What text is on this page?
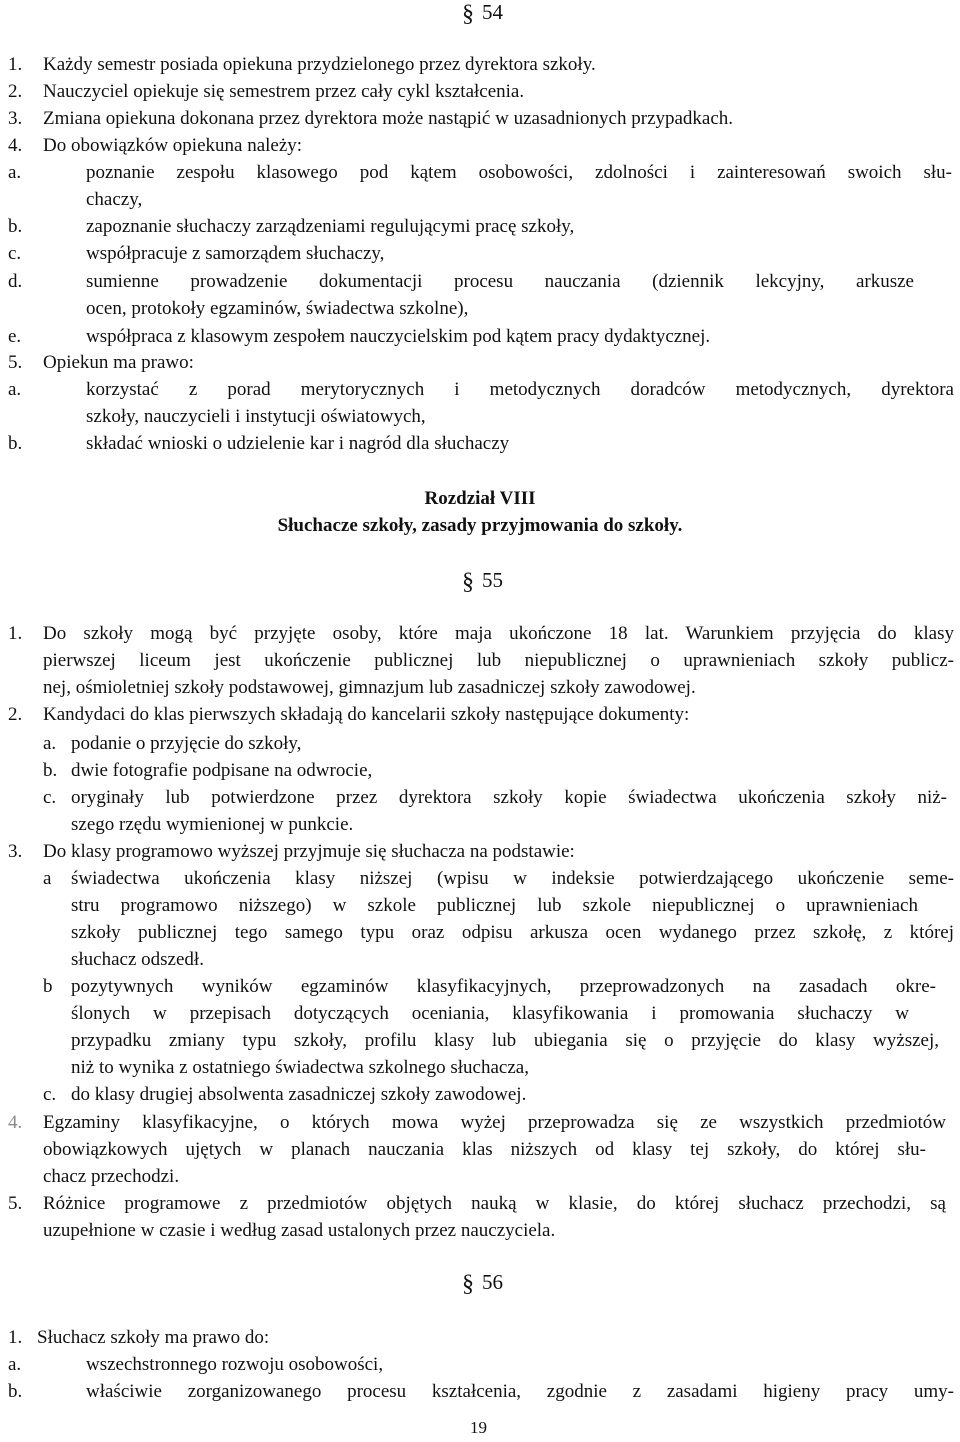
§ 54
1. Każdy semestr posiada opiekuna przydzielonego przez dyrektora szkoły.
2. Nauczyciel opiekuje się semestrem przez cały cykl kształcenia.
3. Zmiana opiekuna dokonana przez dyrektora może nastąpić w uzasadnionych przypadkach.
4. Do obowiązków opiekuna należy:
a.	poznanie zespołu klasowego pod kątem osobowości, zdolności i zainteresowań swoich słu-
chaczy,
b.	zapoznanie słuchaczy zarządzeniami regulującymi pracę szkoły,
c.	współpracuje z samorządem słuchaczy,
d.	sumienne prowadzenie dokumentacji procesu nauczania (dziennik lekcyjny, arkusze
ocen, protokoły egzaminów, świadectwa szkolne),
e.	współpraca z klasowym zespołem nauczycielskim pod kątem pracy dydaktycznej.
5. Opiekun ma prawo:
a.	korzystać z porad merytorycznych i metodycznych doradców metodycznych, dyrektora
szkoły, nauczycieli i instytucji oświatowych,
b.	składać wnioski o udzielenie kar i nagród dla słuchaczy
Rozdział VIII
Słuchacze szkoły, zasady przyjmowania do szkoły.
§ 55
1. Do szkoły mogą być przyjęte osoby, które maja ukończone 18 lat. Warunkiem przyjęcia do klasy
pierwszej liceum jest ukończenie publicznej lub niepublicznej o uprawnieniach szkoły publicz-
nej, ośmioletniej szkoły podstawowej, gimnazjum lub zasadniczej szkoły zawodowej.
2. Kandydaci do klas pierwszych składają do kancelarii szkoły następujące dokumenty:
a. podanie o przyjęcie do szkoły,
b. dwie fotografie podpisane na odwrocie,
c. oryginały lub potwierdzone przez dyrektora szkoły kopie świadectwa ukończenia szkoły niż-
szego rzędu wymienionej w punkcie.
3. Do klasy programowo wyższej przyjmuje się słuchacza na podstawie:
a świadectwa ukończenia klasy niższej (wpisu w indeksie potwierdzającego ukończenie seme-
stru programowo niższego) w szkole publicznej lub szkole niepublicznej o uprawnieniach
szkoły publicznej tego samego typu oraz odpisu arkusza ocen wydanego przez szkołę, z której
słuchacz odszedł.
b pozytywnych wyników egzaminów klasyfikacyjnych, przeprowadzonych na zasadach okre-
ślonych w przepisach dotyczących oceniania, klasyfikowania i promowania słuchaczy w
przypadku zmiany typu szkoły, profilu klasy lub ubiegania się o przyjęcie do klasy wyższej,
niż to wynika z ostatniego świadectwa szkolnego słuchacza,
c. do klasy drugiej absolwenta zasadniczej szkoły zawodowej.
4. Egzaminy klasyfikacyjne, o których mowa wyżej przeprowadza się ze wszystkich przedmiotów
obowiązkowych ujętych w planach nauczania klas niższych od klasy tej szkoły, do której słu-
chacz przechodzi.
5. Różnice programowe z przedmiotów objętych nauką w klasie, do której słuchacz przechodzi, są
uzupełnione w czasie i według zasad ustalonych przez nauczyciela.
§ 56
1. Słuchacz szkoły ma prawo do:
a.	wszechstronnego rozwoju osobowości,
b.	właściwie zorganizowanego procesu kształcenia, zgodnie z zasadami higieny pracy umy-
19
